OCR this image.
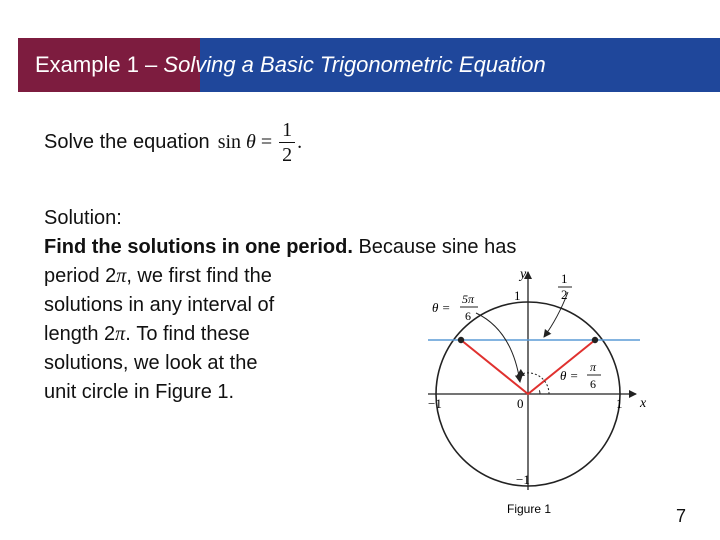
Example 1 – Solving a Basic Trigonometric Equation
Solve the equation sin
θ
=
$\frac{1}{2}$ .
Solution:
Find the solutions in one period. Because sine has
period 2π, we first find the
solutions in any interval of
length 2π. To find these
solutions, we look at the
unit circle in Figure 1.
y
x
0	1
−1
1
−1
1
2
θ =
5π
6
θ =
π
6
Figure 1	7
